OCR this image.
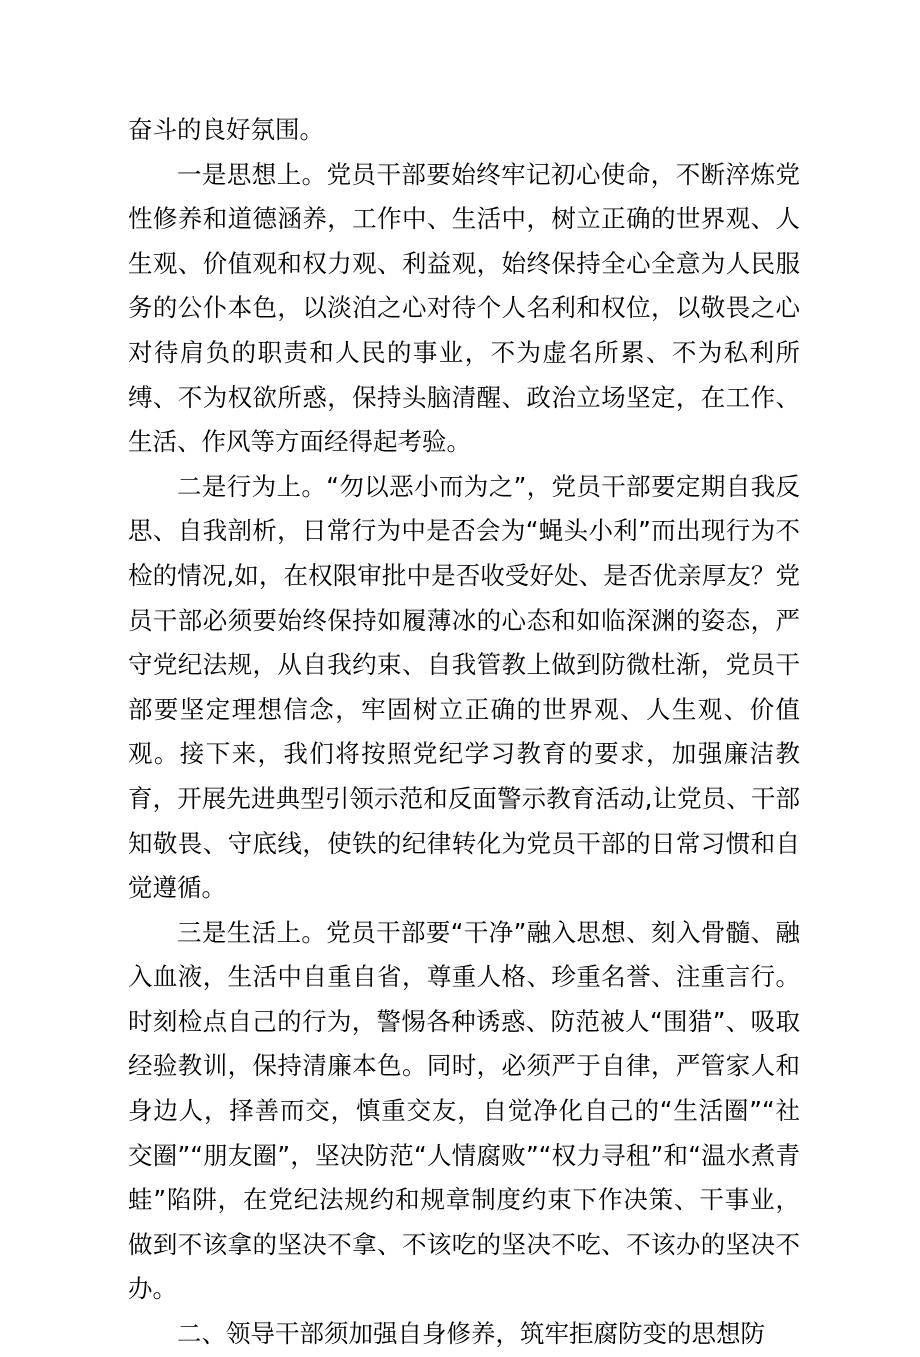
奋斗的良好氛围。

一是思想上。党员干部要始终牢记初心使命，不断淬炼党性修养和道德涵养，工作中、生活中，树立正确的世界观、人生观、价值观和权力观、利益观，始终保持全心全意为人民服务的公仆本色，以淡泊之心对待个人名利和权位，以敬畏之心对待肩负的职责和人民的事业，不为虚名所累、不为私利所缚、不为权欲所惑，保持头脑清醒、政治立场坚定，在工作、生活、作风等方面经得起考验。

二是行为上。“勿以恶小而为之”，党员干部要定期自我反思、自我剖析，日常行为中是否会为“蝇头小利”而出现行为不检的情况,如，在权限审批中是否收受好处、是否优亲厚友？党员干部必须要始终保持如履薄冰的心态和如临深渊的姿态，严守党纪法规，从自我约束、自我管教上做到防微杜渐，党员干部要坚定理想信念，牢固树立正确的世界观、人生观、价值观。接下来，我们将按照党纪学习教育的要求，加强廉洁教育，开展先进典型引领示范和反面警示教育活动,让党员、干部知敬畏、守底线，使铁的纪律转化为党员干部的日常习惯和自觉遵循。

三是生活上。党员干部要“干净”融入思想、刻入骨髓、融入血液，生活中自重自省，尊重人格、珍重名誉、注重言行。时刻检点自己的行为，警惕各种诱惑、防范被人“围猎”、吸取经验教训，保持清廉本色。同时，必须严于自律，严管家人和身边人，择善而交，慎重交友，自觉净化自己的“生活圈”“社交圈”“朋友圈”，坚决防范“人情腐败”“权力寻租”和“温水煮青蛙”陷阱，在党纪法规约和规章制度约束下作决策、干事业，做到不该拿的坚决不拿、不该吃的坚决不吃、不该办的坚决不办。

二、领导干部须加强自身修养，筑牢拒腐防变的思想防
